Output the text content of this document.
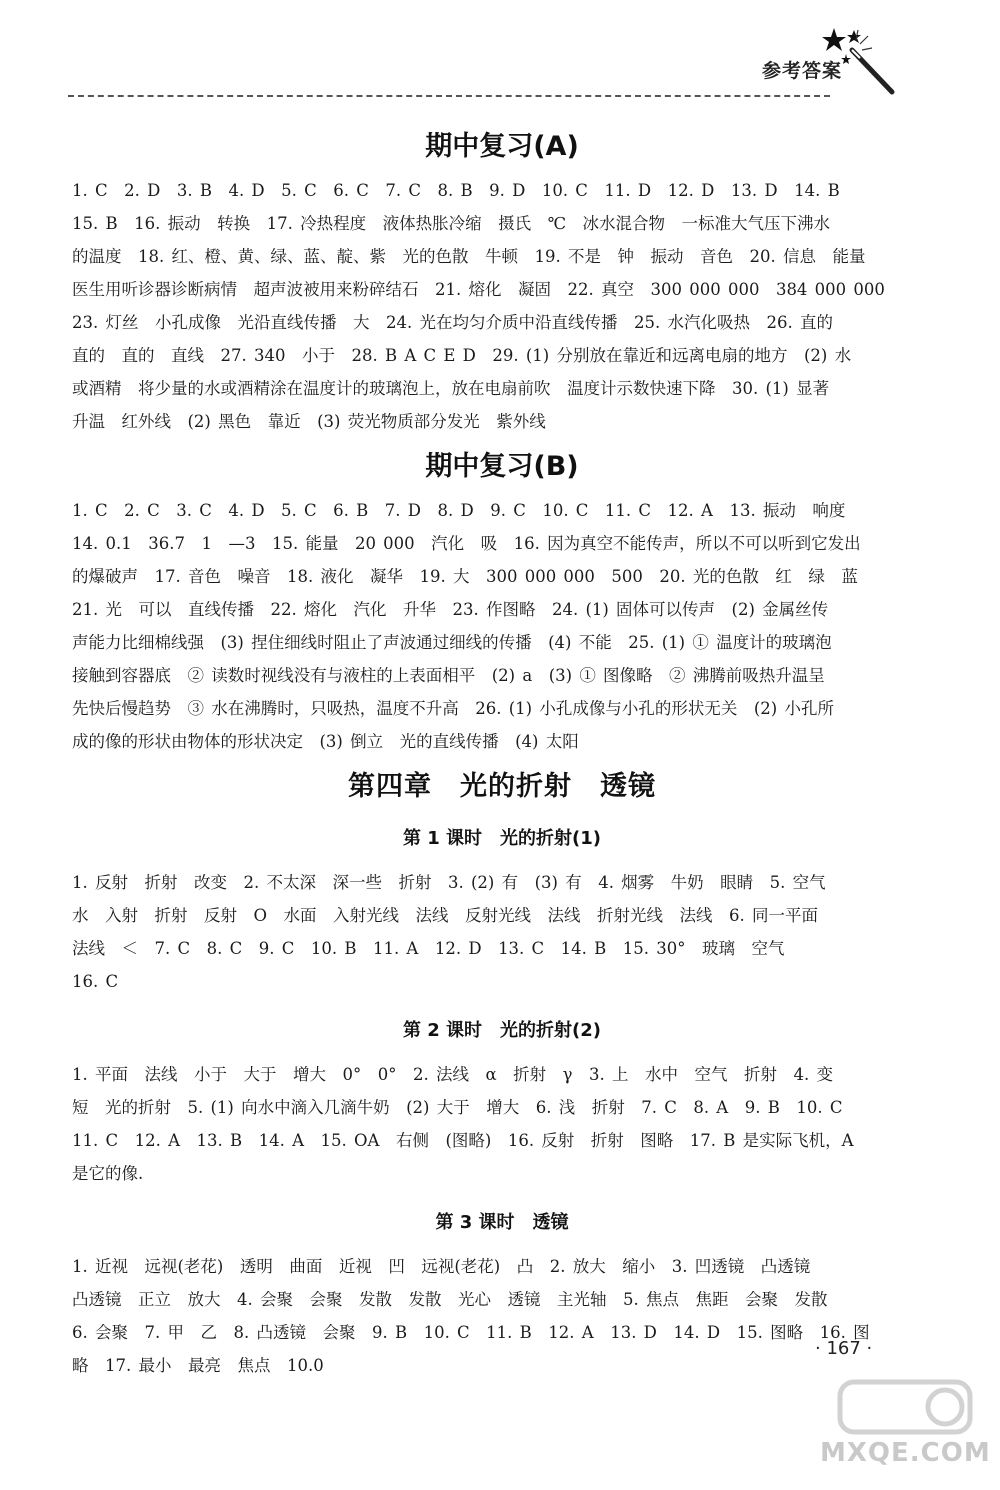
参考答案
期中复习(A)
1. C　2. D　3. B　4. D　5. C　6. C　7. C　8. B　9. D　10. C　11. D　12. D　13. D　14. B
15. B　16. 振动　转换　17. 冷热程度　液体热胀冷缩　摄氏　℃　冰水混合物　一标准大气压下沸水
的温度　18. 红、橙、黄、绿、蓝、靛、紫　光的色散　牛顿　19. 不是　钟　振动　音色　20. 信息　能量
医生用听诊器诊断病情　超声波被用来粉碎结石　21. 熔化　凝固　22. 真空　300 000 000　384 000 000
23. 灯丝　小孔成像　光沿直线传播　大　24. 光在均匀介质中沿直线传播　25. 水汽化吸热　26. 直的
直的　直的　直线　27. 340　小于　28. B A C E D　29. (1) 分别放在靠近和远离电扇的地方　(2) 水
或酒精　将少量的水或酒精涂在温度计的玻璃泡上，放在电扇前吹　温度计示数快速下降　30. (1) 显著
升温　红外线　(2) 黑色　靠近　(3) 荧光物质部分发光　紫外线
期中复习(B)
1. C　2. C　3. C　4. D　5. C　6. B　7. D　8. D　9. C　10. C　11. C　12. A　13. 振动　响度
14. 0.1　36.7　1　—3　15. 能量　20 000　汽化　吸　16. 因为真空不能传声，所以不可以听到它发出
的爆破声　17. 音色　噪音　18. 液化　凝华　19. 大　300 000 000　500　20. 光的色散　红　绿　蓝
21. 光　可以　直线传播　22. 熔化　汽化　升华　23. 作图略　24. (1) 固体可以传声　(2) 金属丝传
声能力比细棉线强　(3) 捏住细线时阻止了声波通过细线的传播　(4) 不能　25. (1) ① 温度计的玻璃泡
接触到容器底　② 读数时视线没有与液柱的上表面相平　(2) a　(3) ① 图像略　② 沸腾前吸热升温呈
先快后慢趋势　③ 水在沸腾时，只吸热，温度不升高　26. (1) 小孔成像与小孔的形状无关　(2) 小孔所
成的像的形状由物体的形状决定　(3) 倒立　光的直线传播　(4) 太阳
第四章　光的折射　透镜
第 1 课时　光的折射(1)
1. 反射　折射　改变　2. 不太深　深一些　折射　3. (2) 有　(3) 有　4. 烟雾　牛奶　眼睛　5. 空气
水　入射　折射　反射　O　水面　入射光线　法线　反射光线　法线　折射光线　法线　6. 同一平面
法线　＜　7. C　8. C　9. C　10. B　11. A　12. D　13. C　14. B　15. 30°　玻璃　空气
16. C
第 2 课时　光的折射(2)
1. 平面　法线　小于　大于　增大　0°　0°　2. 法线　α　折射　γ　3. 上　水中　空气　折射　4. 变
短　光的折射　5. (1) 向水中滴入几滴牛奶　(2) 大于　增大　6. 浅　折射　7. C　8. A　9. B　10. C
11. C　12. A　13. B　14. A　15. OA　右侧　(图略)　16. 反射　折射　图略　17. B 是实际飞机，A
是它的像.
第 3 课时　透镜
1. 近视　远视(老花)　透明　曲面　近视　凹　远视(老花)　凸　2. 放大　缩小　3. 凹透镜　凸透镜
凸透镜　正立　放大　4. 会聚　会聚　发散　发散　光心　透镜　主光轴　5. 焦点　焦距　会聚　发散
6. 会聚　7. 甲　乙　8. 凸透镜　会聚　9. B　10. C　11. B　12. A　13. D　14. D　15. 图略　16. 图
略　17. 最小　最亮　焦点　10.0
· 167 ·
MXQE.COM
